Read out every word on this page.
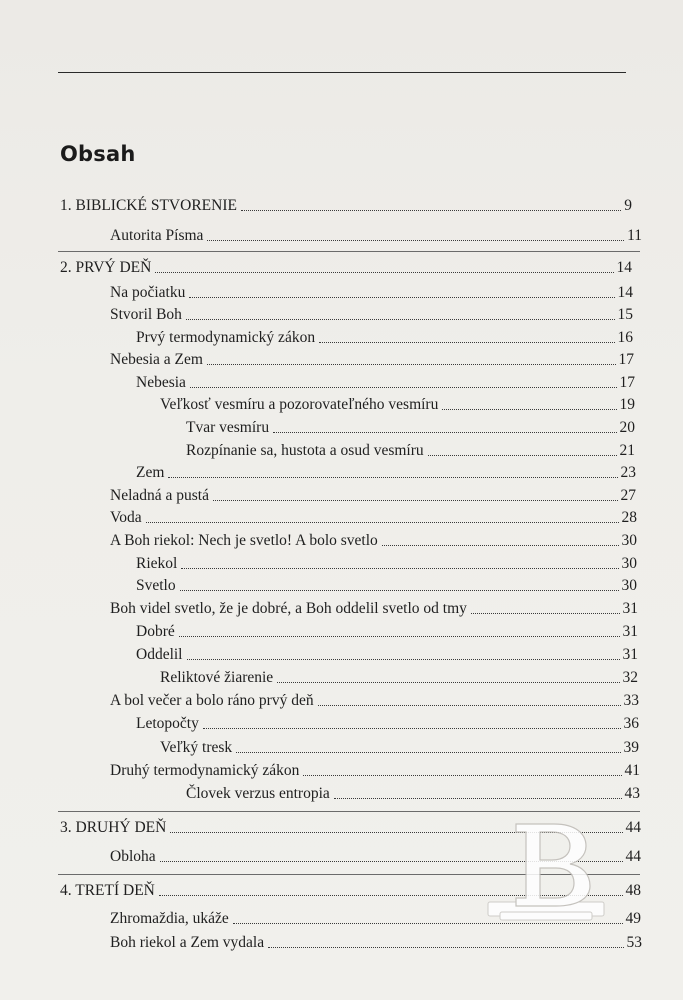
Obsah
1. BIBLICKÉ STVORENIE	9
Autorita Písma	11
2. PRVÝ DEŇ	14
Na počiatku	14
Stvoril Boh	15
Prvý termodynamický zákon	16
Nebesia a Zem	17
Nebesia	17
Veľkosť vesmíru a pozorovateľného vesmíru	19
Tvar vesmíru	20
Rozpínanie sa, hustota a osud vesmíru	21
Zem	23
Neladná a pustá	27
Voda	28
A Boh riekol: Nech je svetlo! A bolo svetlo	30
Riekol	30
Svetlo	30
Boh videl svetlo, že je dobré, a Boh oddelil svetlo od tmy	31
Dobré	31
Oddelil	31
Reliktové žiarenie	32
A bol večer a bolo ráno prvý deň	33
Letopočty	36
Veľký tresk	39
Druhý termodynamický zákon	41
Človek verzus entropia	43
3. DRUHÝ DEŇ	44
Obloha	44
4. TRETÍ DEŇ	48
Zhromaždia, ukáže	49
Boh riekol a Zem vydala	53
